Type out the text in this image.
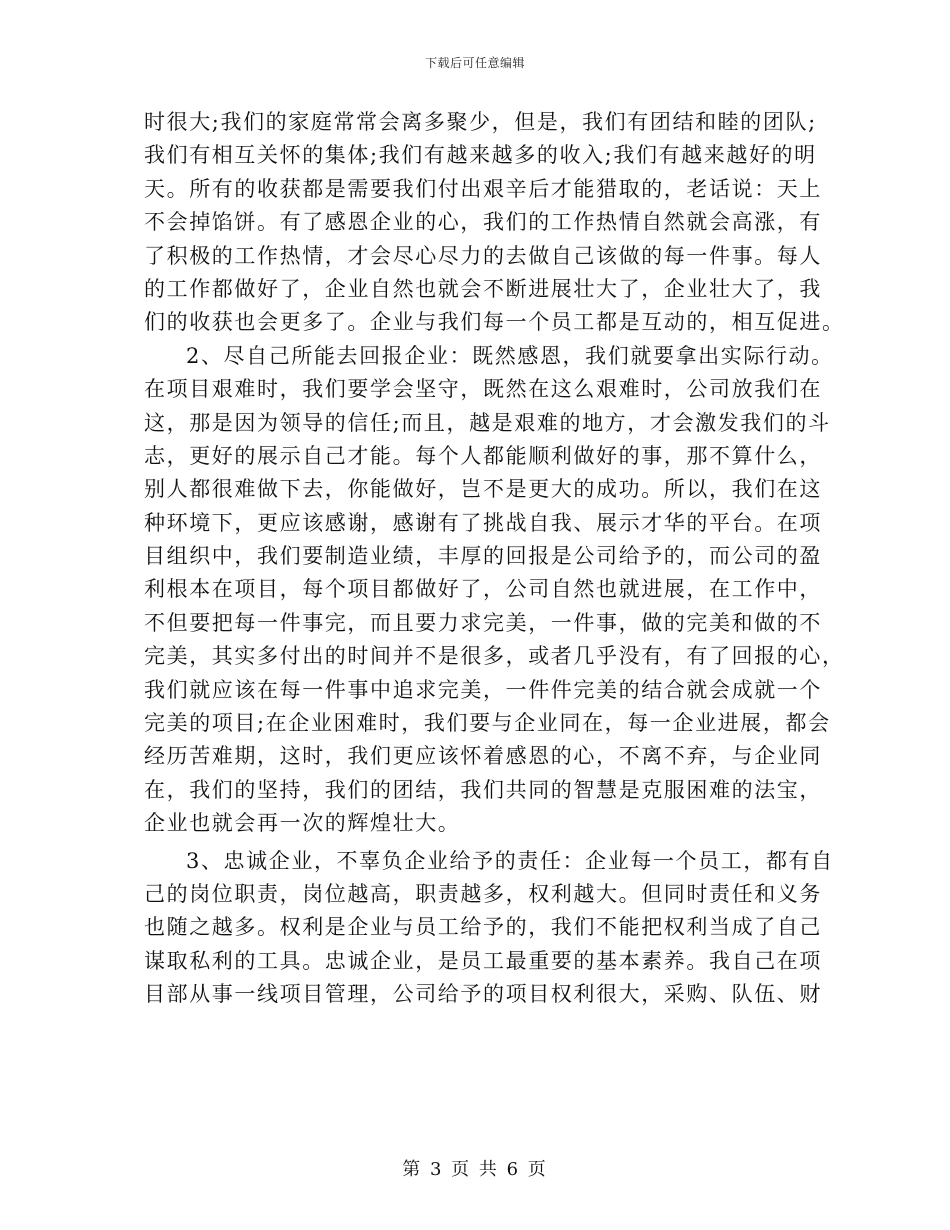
下载后可任意编辑
时很大;我们的家庭常常会离多聚少，但是，我们有团结和睦的团队;
我们有相互关怀的集体;我们有越来越多的收入;我们有越来越好的明
天。所有的收获都是需要我们付出艰辛后才能猎取的，老话说：天上
不会掉馅饼。有了感恩企业的心，我们的工作热情自然就会高涨，有
了积极的工作热情，才会尽心尽力的去做自己该做的每一件事。每人
的工作都做好了，企业自然也就会不断进展壮大了，企业壮大了，我
们的收获也会更多了。企业与我们每一个员工都是互动的，相互促进。
2、尽自己所能去回报企业：既然感恩，我们就要拿出实际行动。
在项目艰难时，我们要学会坚守，既然在这么艰难时，公司放我们在
这，那是因为领导的信任;而且，越是艰难的地方，才会激发我们的斗
志，更好的展示自己才能。每个人都能顺利做好的事，那不算什么，
别人都很难做下去，你能做好，岂不是更大的成功。所以，我们在这
种环境下，更应该感谢，感谢有了挑战自我、展示才华的平台。在项
目组织中，我们要制造业绩，丰厚的回报是公司给予的，而公司的盈
利根本在项目，每个项目都做好了，公司自然也就进展，在工作中，
不但要把每一件事完，而且要力求完美，一件事，做的完美和做的不
完美，其实多付出的时间并不是很多，或者几乎没有，有了回报的心，
我们就应该在每一件事中追求完美，一件件完美的结合就会成就一个
完美的项目;在企业困难时，我们要与企业同在，每一企业进展，都会
经历苦难期，这时，我们更应该怀着感恩的心，不离不弃，与企业同
在，我们的坚持，我们的团结，我们共同的智慧是克服困难的法宝，
企业也就会再一次的辉煌壮大。
3、忠诚企业，不辜负企业给予的责任：企业每一个员工，都有自
己的岗位职责，岗位越高，职责越多，权利越大。但同时责任和义务
也随之越多。权利是企业与员工给予的，我们不能把权利当成了自己
谋取私利的工具。忠诚企业，是员工最重要的基本素养。我自己在项
目部从事一线项目管理，公司给予的项目权利很大，采购、队伍、财
第 3 页 共 6 页
